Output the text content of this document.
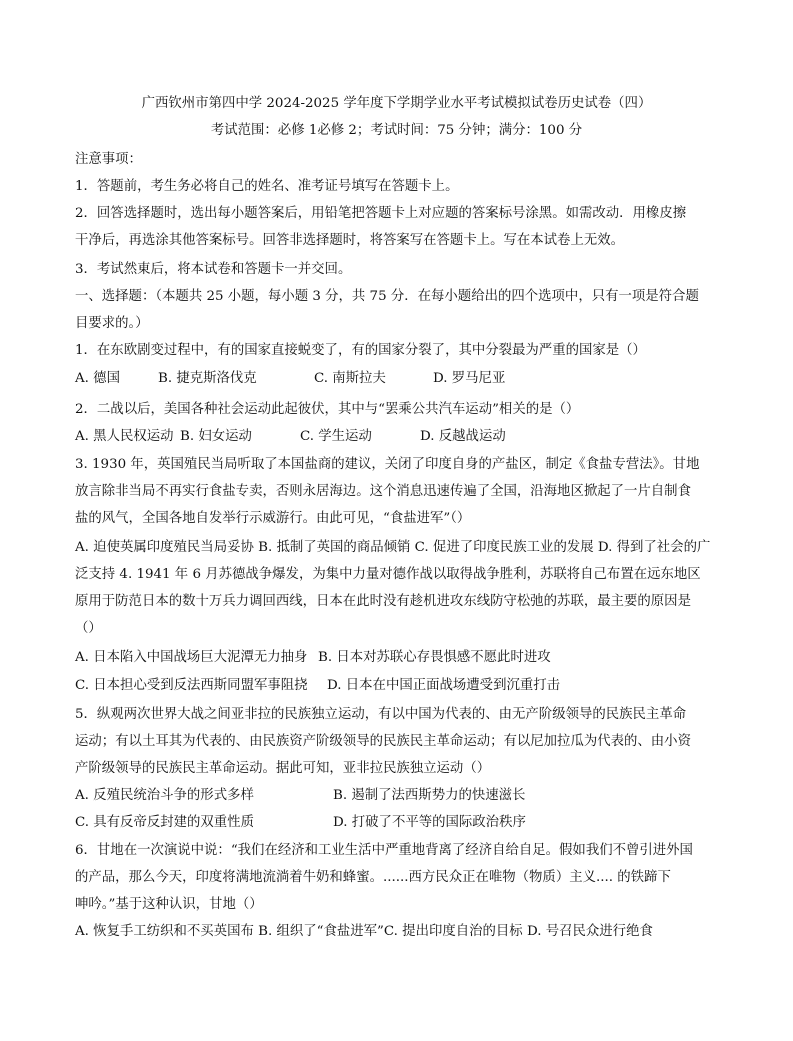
广西钦州市第四中学 2024-2025 学年度下学期学业水平考试模拟试卷历史试卷（四）
考试范围：必修 1必修 2；考试时间：75 分钟；满分：100 分
注意事项：
1．答题前，考生务必将自己的姓名、准考证号填写在答题卡上。
2．回答选择题时，选出每小题答案后，用铅笔把答题卡上对应题的答案标号涂黑。如需改动．用橡皮擦
干净后，再选涂其他答案标号。回答非选择题时，将答案写在答题卡上。写在本试卷上无效。
3．考试然東后，将本试卷和答题卡一并交回。
一、选择题：（本题共 25 小题，每小题 3 分，共 75 分．在每小题给出的四个选项中，只有一项是符合题
目要求的。）
1．在东欧剧变过程中，有的国家直接蜕变了，有的国家分裂了，其中分裂最为严重的国家是（）
A. 德国	B. 捷克斯洛伐克	C. 南斯拉夫	D. 罗马尼亚
2．二战以后，美国各种社会运动此起彼伏，其中与“罢乘公共汽车运动”相关的是（）
A. 黑人民权运动 B. 妇女运动	C. 学生运动	D. 反越战运动
3. 1930 年，英国殖民当局听取了本国盐商的建议，关闭了印度自身的产盐区，制定《食盐专营法》。甘地
放言除非当局不再实行食盐专卖，否则永居海边。这个消息迅速传遍了全国，沿海地区掀起了一片自制食
盐的风气，全国各地自发举行示威游行。由此可见，“食盐进军”（）
A. 迫使英属印度殖民当局妥协 B. 抵制了英国的商品倾销 C. 促进了印度民族工业的发展 D. 得到了社会的广
泛支持 4. 1941 年 6 月苏德战争爆发，为集中力量对德作战以取得战争胜利，苏联将自己布置在远东地区
原用于防范日本的数十万兵力调回西线，日本在此时没有趁机进攻东线防守松弛的苏联，最主要的原因是
（）
A. 日本陷入中国战场巨大泥潭无力抽身 B. 日本对苏联心存畏惧感不愿此时进攻
C. 日本担心受到反法西斯同盟军事阻挠 D. 日本在中国正面战场遭受到沉重打击
5．纵观两次世界大战之间亚非拉的民族独立运动，有以中国为代表的、由无产阶级领导的民族民主革命
运动；有以土耳其为代表的、由民族资产阶级领导的民族民主革命运动；有以尼加拉瓜为代表的、由小资
产阶级领导的民族民主革命运动。据此可知，亚非拉民族独立运动（）
A. 反殖民统治斗争的形式多样	B. 遏制了法西斯势力的快速滋长
C. 具有反帝反封建的双重性质	D. 打破了不平等的国际政治秩序
6．甘地在一次演说中说：“我们在经济和工业生活中严重地背离了经济自给自足。假如我们不曾引进外国
的产品，那么今天，印度将满地流淌着牛奶和蜂蜜。......西方民众正在唯物（物质）主义.... 的铁蹄下
呻吟。”基于这种认识，甘地（）
A. 恢复手工纺织和不买英国布 B. 组织了“食盐进军”C. 提出印度自治的目标 D. 号召民众进行绝食
